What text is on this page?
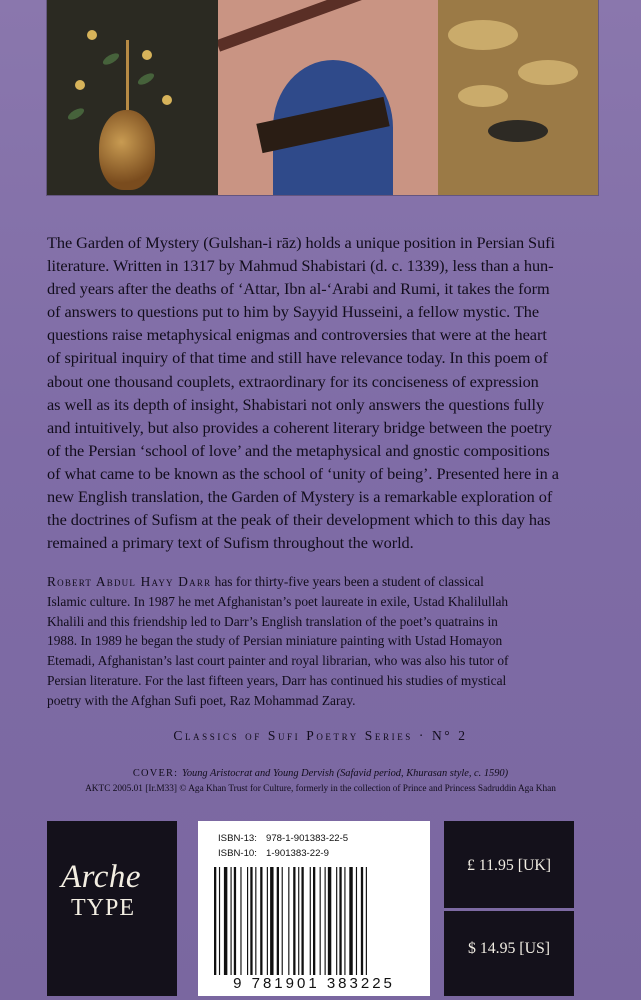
The Garden of Mystery (Gulshan-i rāz) holds a unique position in Persian Sufi
literature. Written in 1317 by Mahmud Shabistari (d. c. 1339), less than a hun-
dred years after the deaths of ‘Attar, Ibn al-‘Arabi and Rumi, it takes the form
of answers to questions put to him by Sayyid Husseini, a fellow mystic. The
questions raise metaphysical enigmas and controversies that were at the heart
of spiritual inquiry of that time and still have relevance today. In this poem of
about one thousand couplets, extraordinary for its conciseness of expression
as well as its depth of insight, Shabistari not only answers the questions fully
and intuitively, but also provides a coherent literary bridge between the poetry
of the Persian ‘school of love’ and the metaphysical and gnostic compositions
of what came to be known as the school of ‘unity of being’. Presented here in a
new English translation, the Garden of Mystery is a remarkable exploration of
the doctrines of Sufism at the peak of their development which to this day has
remained a primary text of Sufism throughout the world.
Robert Abdul Hayy Darr has for thirty-five years been a student of classical
Islamic culture. In 1987 he met Afghanistan’s poet laureate in exile, Ustad Khalilullah
Khalili and this friendship led to Darr’s English translation of the poet’s quatrains in
1988. In 1989 he began the study of Persian miniature painting with Ustad Homayon
Etemadi, Afghanistan’s last court painter and royal librarian, who was also his tutor of
Persian literature. For the last fifteen years, Darr has continued his studies of mystical
poetry with the Afghan Sufi poet, Raz Mohammad Zaray.
Classics of Sufi Poetry Series · N° 2
COVER: Young Aristocrat and Young Dervish (Safavid period, Khurasan style, c. 1590)
AKTC 2005.01 [Ir.M33] © Aga Khan Trust for Culture, formerly in the collection of Prince and Princess Sadruddin Aga Khan
Arche
TYPE
ISBN-13: 978-1-901383-22-5
ISBN-10: 1-901383-22-9
9 781901 383225
£ 11.95 [UK]
$ 14.95 [US]
